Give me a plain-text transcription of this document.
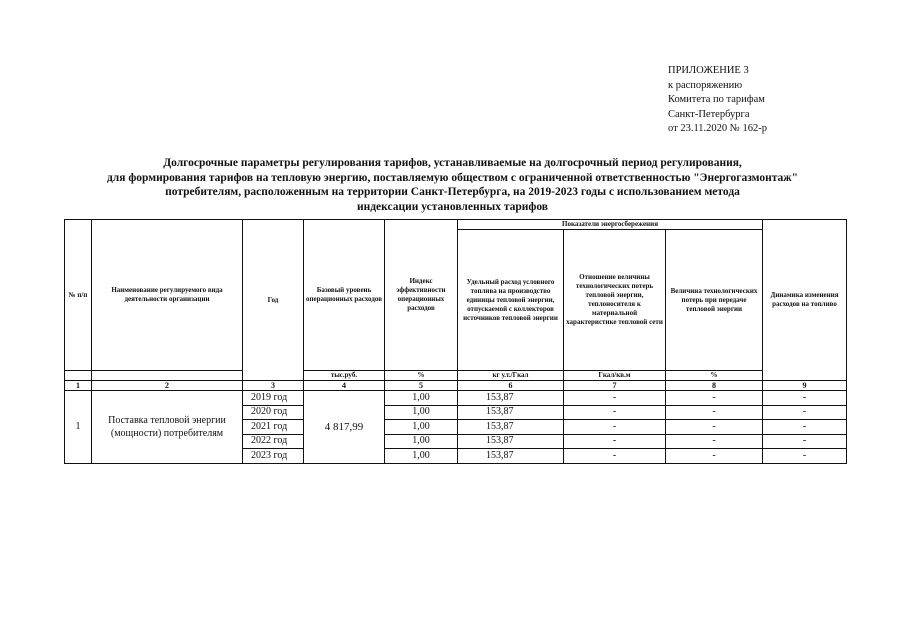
ПРИЛОЖЕНИЕ 3
к распоряжению
Комитета по тарифам
Санкт-Петербурга
от 23.11.2020 № 162-р
Долгосрочные параметры регулирования тарифов, устанавливаемые на долгосрочный период регулирования,
для формирования тарифов на тепловую энергию, поставляемую обществом с ограниченной ответственностью "Энергогазмонтаж"
потребителям, расположенным на территории Санкт-Петербурга, на 2019-2023 годы с использованием метода
индексации установленных тарифов
№ п/п	Наименование регулируемого вида деятельности организации	Год	Базовый уровень операционных расходов	Индекс эффективности операционных расходов	Показатели энергосбережения			Динамика изменения расходов на топливо
					Удельный расход условного топлива на производство единицы тепловой энергии, отпускаемой с коллекторов источников тепловой энергии	Отношение величины технологических потерь тепловой энергии, теплоносителя к материальной характеристике тепловой сети	Величина технологических потерь при передаче тепловой энергии	
			тыс.руб.	%	кг у.т./Гкал	Гкал/кв.м	%	
1	2	3	4	5	6	7	8	9
1	Поставка тепловой энергии (мощности) потребителям	2019 год	4 817,99	1,00	153,87	-	-	-
		2020 год		1,00	153,87	-	-	-
		2021 год		1,00	153,87	-	-	-
		2022 год		1,00	153,87	-	-	-
		2023 год		1,00	153,87	-	-	-
